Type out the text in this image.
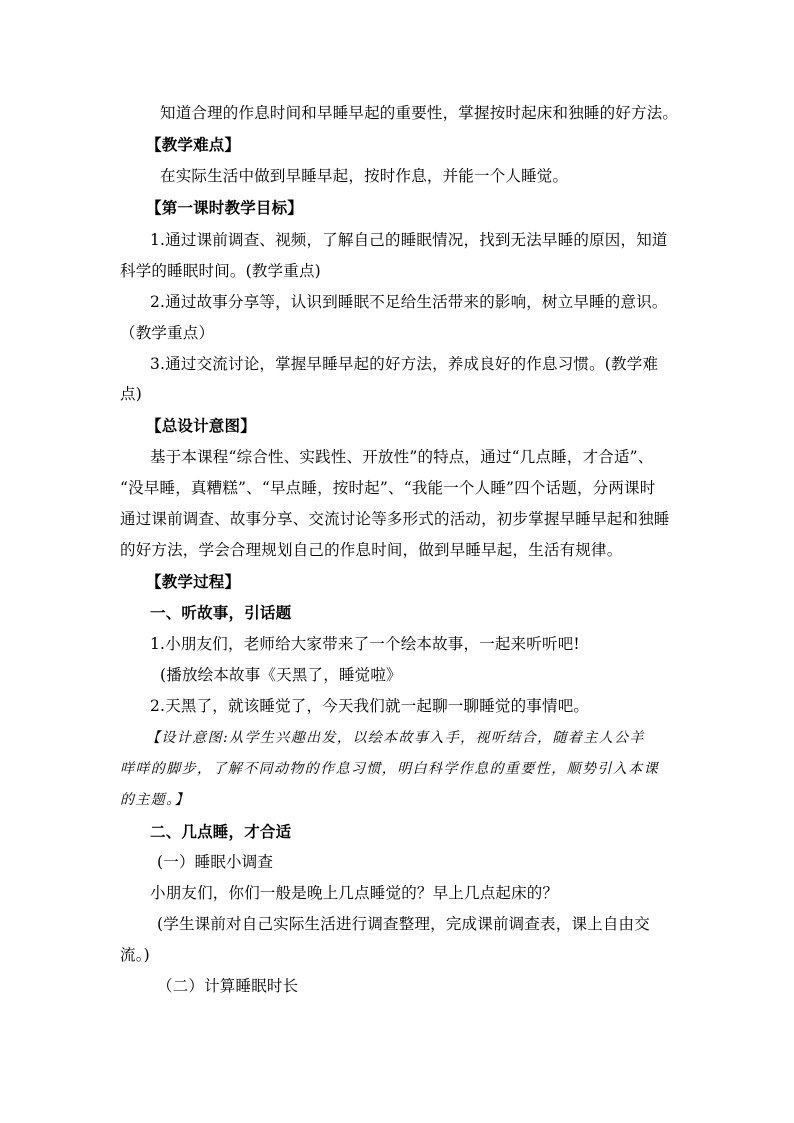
知道合理的作息时间和早睡早起的重要性，掌握按时起床和独睡的好方法。
【教学难点】
在实际生活中做到早睡早起，按时作息，并能一个人睡觉。
【第一课时教学目标】
1.通过课前调查、视频，了解自己的睡眠情况，找到无法早睡的原因，知道
科学的睡眠时间。(教学重点)
2.通过故事分享等，认识到睡眠不足给生活带来的影响，树立早睡的意识。
（教学重点）
3.通过交流讨论，掌握早睡早起的好方法，养成良好的作息习惯。(教学难
点)
【总设计意图】
基于本课程“综合性、实践性、开放性”的特点，通过“几点睡，才合适”、
“没早睡，真糟糕”、“早点睡，按时起”、“我能一个人睡”四个话题，分两课时
通过课前调查、故事分享、交流讨论等多形式的活动，初步掌握早睡早起和独睡
的好方法，学会合理规划自己的作息时间，做到早睡早起，生活有规律。
【教学过程】
一、听故事，引话题
1.小朋友们，老师给大家带来了一个绘本故事，一起来听听吧!
(播放绘本故事《天黑了，睡觉啦》
2.天黑了，就该睡觉了，今天我们就一起聊一聊睡觉的事情吧。
【设计意图:从学生兴趣出发，以绘本故事入手，视听结合，随着主人公羊
咩咩的脚步，了解不同动物的作息习惯，明白科学作息的重要性，顺势引入本课
的主题。】
二、几点睡，才合适
(一）睡眠小调查
小朋友们，你们一般是晚上几点睡觉的？早上几点起床的？
(学生课前对自己实际生活进行调查整理，完成课前调查表，课上自由交
流。)
（二）计算睡眠时长
